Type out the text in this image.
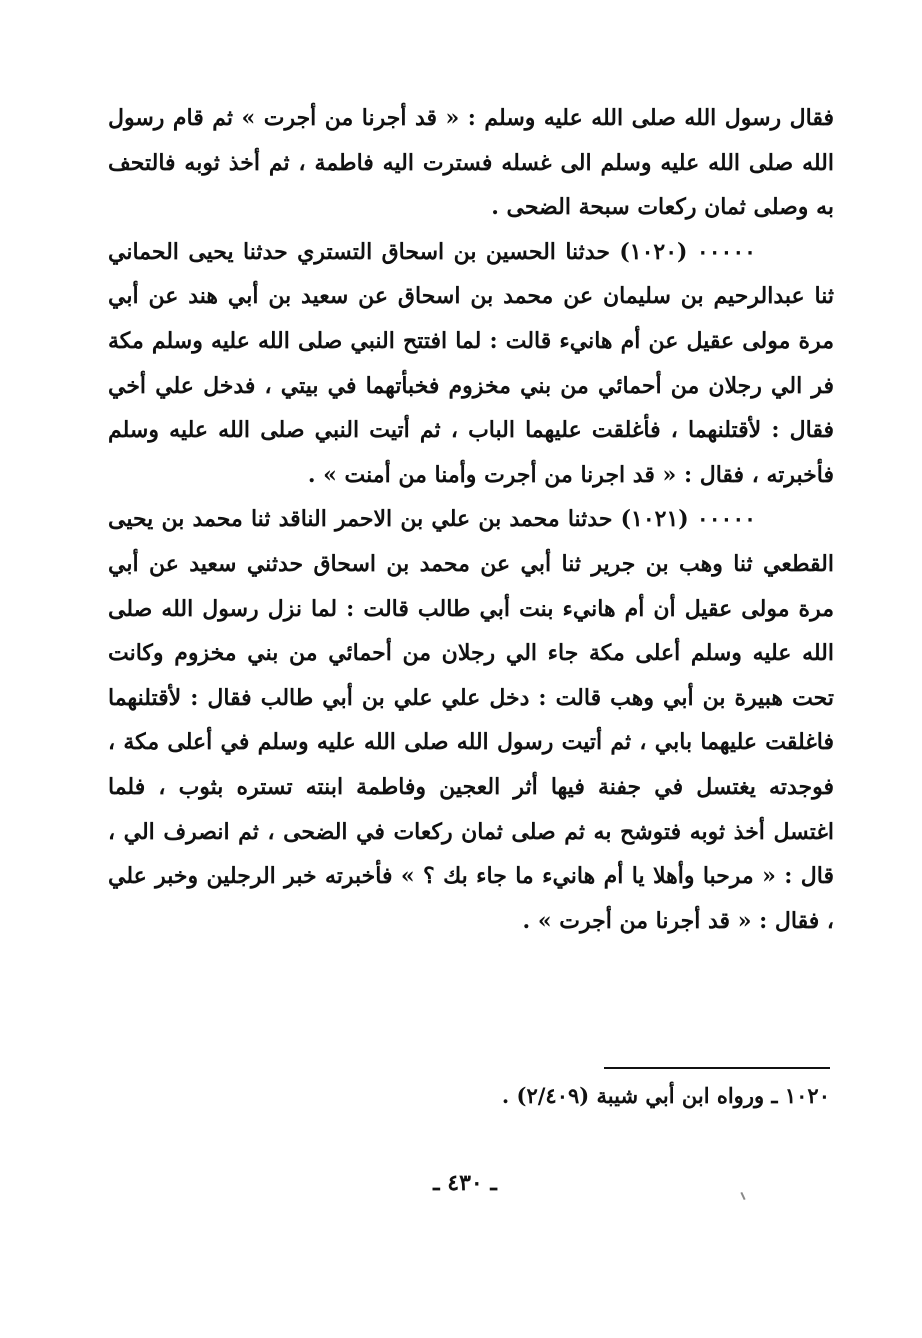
فقال رسول الله صلى الله عليه وسلم : « قد أجرنا من أجرت » ثم قام رسول الله صلى الله عليه وسلم الى غسله فسترت اليه فاطمة ، ثم أخذ ثوبه فالتحف به وصلى ثمان ركعات سبحة الضحى .

٠٠٠٠٠ (١٠٢٠) حدثنا الحسين بن اسحاق التستري حدثنا يحيى الحماني ثنا عبدالرحيم بن سليمان عن محمد بن اسحاق عن سعيد بن أبي هند عن أبي مرة مولى عقيل عن أم هانيء قالت : لما افتتح النبي صلى الله عليه وسلم مكة فر الي رجلان من أحمائي من بني مخزوم فخبأتهما في بيتي ، فدخل علي أخي فقال : لأقتلنهما ، فأغلقت عليهما الباب ، ثم أتيت النبي صلى الله عليه وسلم فأخبرته ، فقال : « قد اجرنا من أجرت وأمنا من أمنت » .

٠٠٠٠٠ (١٠٢١) حدثنا محمد بن علي بن الاحمر الناقد ثنا محمد بن يحيى القطعي ثنا وهب بن جرير ثنا أبي عن محمد بن اسحاق حدثني سعيد عن أبي مرة مولى عقيل أن أم هانيء بنت أبي طالب قالت : لما نزل رسول الله صلى الله عليه وسلم أعلى مكة جاء الي رجلان من أحمائي من بني مخزوم وكانت تحت هبيرة بن أبي وهب قالت : دخل علي علي بن أبي طالب فقال : لأقتلنهما فاغلقت عليهما بابي ، ثم أتيت رسول الله صلى الله عليه وسلم في أعلى مكة ، فوجدته يغتسل في جفنة فيها أثر العجين وفاطمة ابنته تستره بثوب ، فلما اغتسل أخذ ثوبه فتوشح به ثم صلى ثمان ركعات في الضحى ، ثم انصرف الي ، قال : « مرحبا وأهلا يا أم هانيء ما جاء بك ؟ » فأخبرته خبر الرجلين وخبر علي ، فقال : « قد أجرنا من أجرت » .

١٠٢٠ ـ ورواه ابن أبي شيبة (٢/٤٠٩) .
ـ ٤٣٠ ـ
